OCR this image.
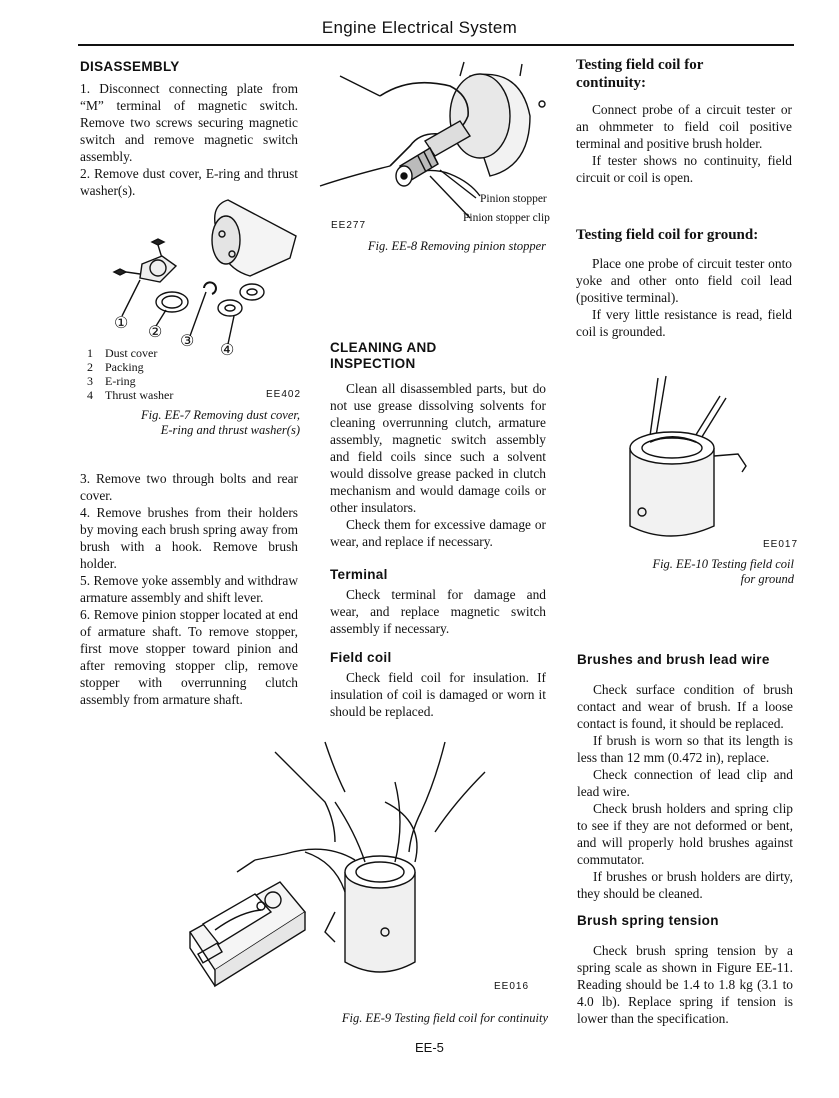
Engine Electrical System
DISASSEMBLY

1. Disconnect connecting plate from “M” terminal of magnetic switch. Remove two screws securing magnetic switch and remove magnetic switch assembly.

2. Remove dust cover, E-ring and thrust washer(s).

①
②
③
④
1 Dust cover
2 Packing
3 E-ring
4 Thrust washer	EE402
Fig. EE-7 Removing dust cover,
E-ring and thrust washer(s)

3. Remove two through bolts and rear cover.

4. Remove brushes from their holders by moving each brush spring away from brush with a hook. Remove brush holder.

5. Remove yoke assembly and withdraw armature assembly and shift lever.

6. Remove pinion stopper located at end of armature shaft. To remove stopper, first move stopper toward pinion and after removing stopper clip, remove stopper with overrunning clutch assembly from armature shaft.

Pinion stopper
Pinion stopper clip
EE277
Fig. EE-8 Removing pinion stopper
CLEANING AND
INSPECTION

Clean all disassembled parts, but do not use grease dissolving solvents for cleaning overrunning clutch, armature assembly, magnetic switch assembly and field coils since such a solvent would dissolve grease packed in clutch mechanism and would damage coils or other insulators.

Check them for excessive damage or wear, and replace if necessary.

Terminal
Check terminal for damage and wear, and replace magnetic switch assembly if necessary.
Field coil
Check field coil for insulation. If insulation of coil is damaged or worn it should be replaced.
EE016
Fig. EE-9 Testing field coil for continuity
EE-5
Testing field coil for
continuity:

Connect probe of a circuit tester or an ohmmeter to field coil positive terminal and positive brush holder.

If tester shows no continuity, field circuit or coil is open.

Testing field coil for ground:

Place one probe of circuit tester onto yoke and other onto field coil lead (positive terminal).

If very little resistance is read, field coil is grounded.

EE017
Fig. EE-10 Testing field coil
for ground
Brushes and brush lead wire

Check surface condition of brush contact and wear of brush. If a loose contact is found, it should be replaced.

If brush is worn so that its length is less than 12 mm (0.472 in), replace.

Check connection of lead clip and lead wire.

Check brush holders and spring clip to see if they are not deformed or bent, and will properly hold brushes against commutator.

If brushes or brush holders are dirty, they should be cleaned.

Brush spring tension
Check brush spring tension by a spring scale as shown in Figure EE-11. Reading should be 1.4 to 1.8 kg (3.1 to 4.0 lb). Replace spring if tension is lower than the specification.
